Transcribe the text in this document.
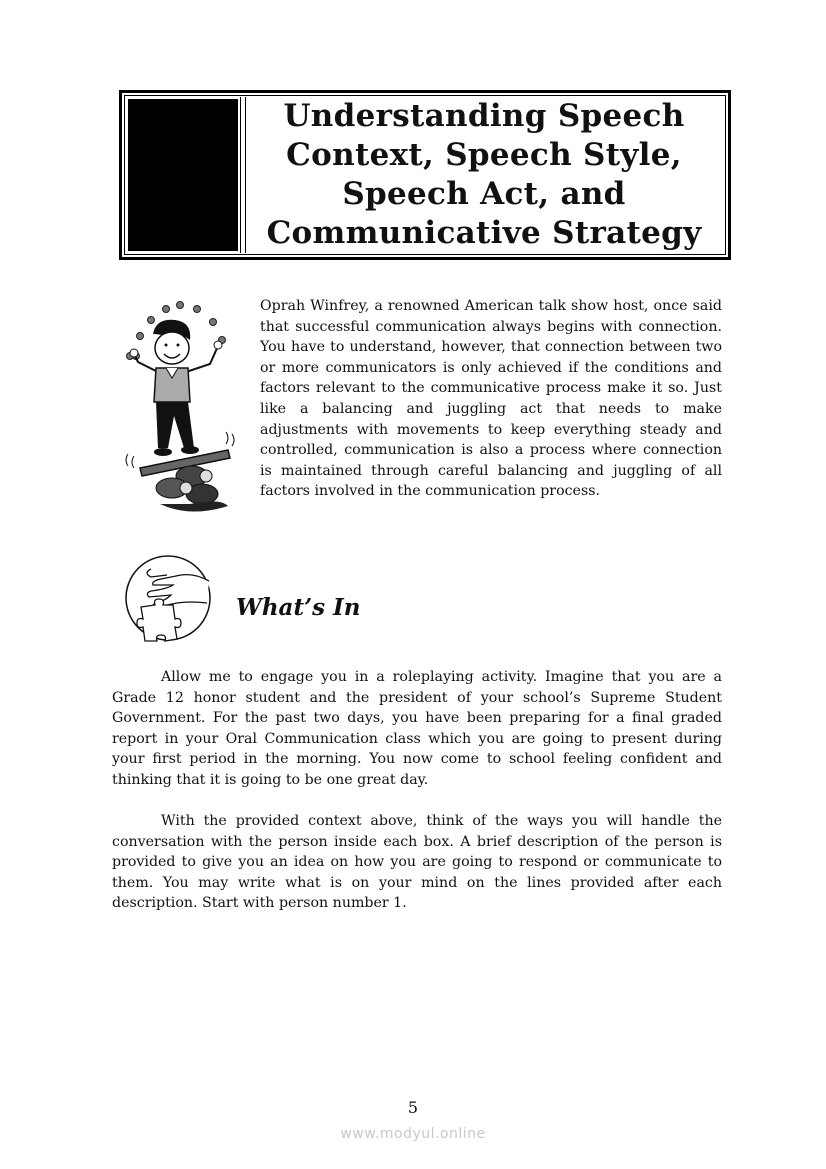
Understanding Speech Context, Speech Style, Speech Act, and Communicative Strategy

Oprah Winfrey, a renowned American talk show host, once said that successful communication always begins with connection. You have to understand, however, that connection between two or more communicators is only achieved if the conditions and factors relevant to the communicative process make it so. Just like a balancing and juggling act that needs to make adjustments with movements to keep everything steady and controlled, communication is also a process where connection is maintained through careful balancing and juggling of all factors involved in the communication process.

What’s In

Allow me to engage you in a roleplaying activity. Imagine that you are a Grade 12 honor student and the president of your school’s Supreme Student Government. For the past two days, you have been preparing for a final graded report in your Oral Communication class which you are going to present during your first period in the morning. You now come to school feeling confident and thinking that it is going to be one great day.

With the provided context above, think of the ways you will handle the conversation with the person inside each box. A brief description of the person is provided to give you an idea on how you are going to respond or communicate to them. You may write what is on your mind on the lines provided after each description. Start with person number 1.

5
www.modyul.online
